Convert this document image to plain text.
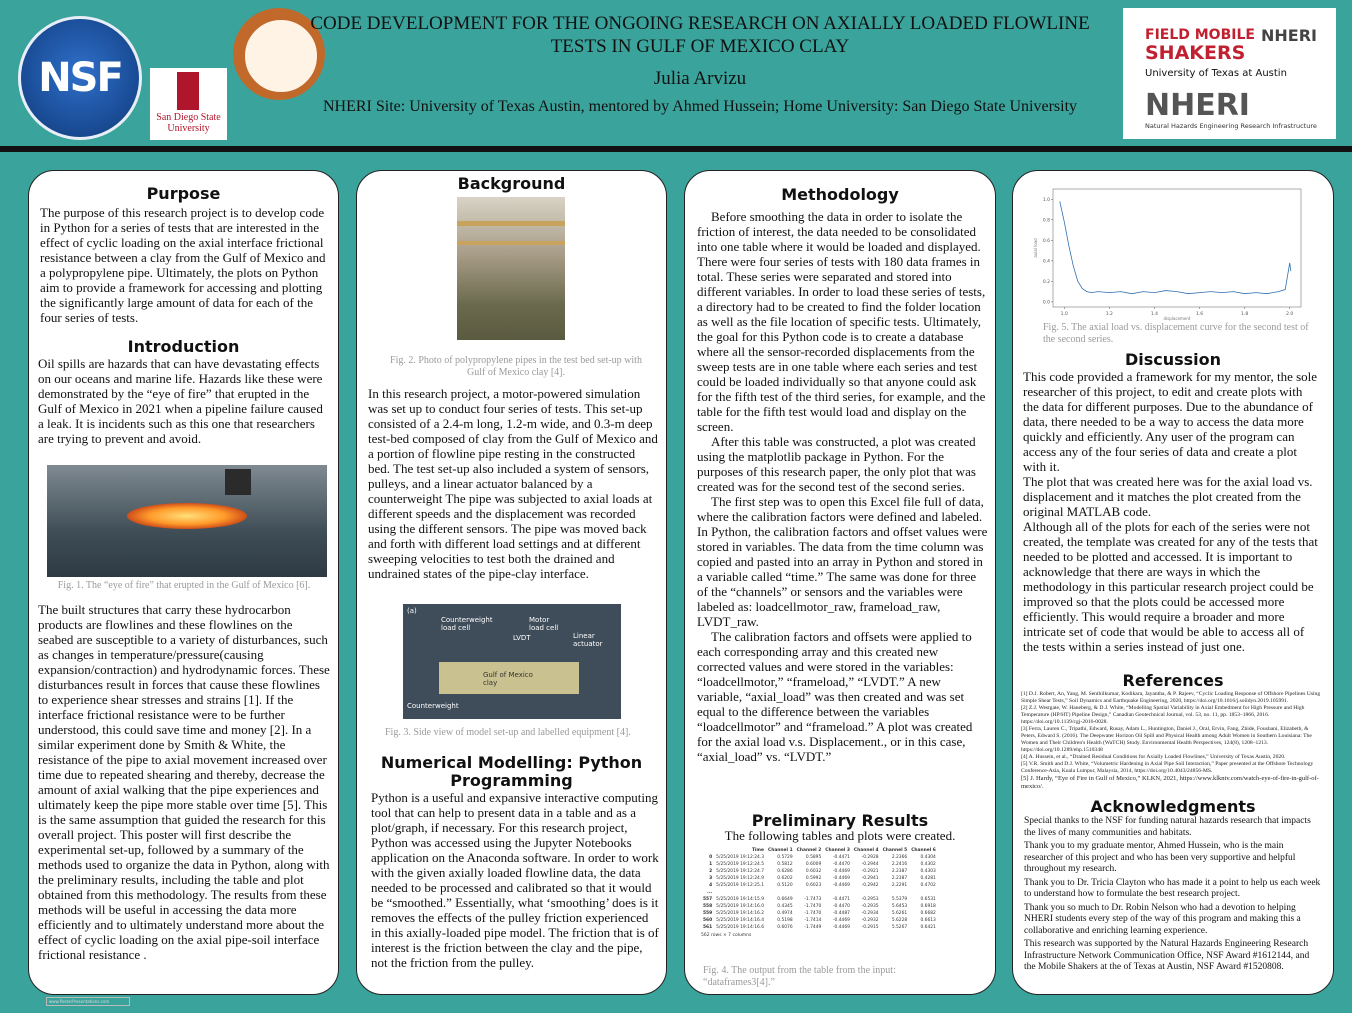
NSF
San Diego State University
CODE DEVELOPMENT FOR THE ONGOING RESEARCH ON AXIALLY LOADED FLOWLINE TESTS IN GULF OF MEXICO CLAY
Julia Arvizu
NHERI Site: University of Texas Austin, mentored by Ahmed Hussein; Home University: San Diego State University
FIELD MOBILE
SHAKERS
University of Texas at Austin
NHERI
NHERI
Natural Hazards Engineering Research Infrastructure
Purpose

The purpose of this research project is to develop code in Python for a series of tests that are interested in the effect of cyclic loading on the axial interface frictional resistance between a clay from the Gulf of Mexico and a polypropylene pipe. Ultimately, the plots on Python aim to provide a framework for accessing and plotting the significantly large amount of data for each of the four series of tests.

Introduction

Oil spills are hazards that can have devastating effects on our oceans and marine life. Hazards like these were demonstrated by the “eye of fire” that erupted in the Gulf of Mexico in 2021 when a pipeline failure caused a leak. It is incidents such as this one that researchers are trying to prevent and avoid.

Fig. 1. The “eye of fire” that erupted in the Gulf of Mexico [6].

The built structures that carry these hydrocarbon products are flowlines and these flowlines on the seabed are susceptible to a variety of disturbances, such as changes in temperature/pressure(causing expansion/contraction) and hydrodynamic forces. These disturbances result in forces that cause these flowlines to experience shear stresses and strains [1]. If the interface frictional resistance were to be further understood, this could save time and money [2]. In a similar experiment done by Smith & White, the resistance of the pipe to axial movement increased over time due to repeated shearing and thereby, decrease the amount of axial walking that the pipe experiences and ultimately keep the pipe more stable over time [5]. This is the same assumption that guided the research for this overall project. This poster will first describe the experimental set-up, followed by a summary of the methods used to organize the data in Python, along with the preliminary results, including the table and plot obtained from this methodology. The results from these methods will be useful in accessing the data more efficiently and to ultimately understand more about the effect of cyclic loading on the axial pipe-soil interface frictional resistance .

Background
Fig. 2. Photo of polypropylene pipes in the test bed set-up with Gulf of Mexico clay [4].

In this research project, a motor-powered simulation was set up to conduct four series of tests. This set-up consisted of a 2.4-m long, 1.2-m wide, and 0.3-m deep test-bed composed of clay from the Gulf of Mexico and a portion of flowline pipe resting in the constructed bed. The test set-up also included a system of sensors, pulleys, and a linear actuator balanced by a counterweight The pipe was subjected to axial loads at different speeds and the displacement was recorded using the different sensors. The pipe was moved back and forth with different load settings and at different sweeping velocities to test both the drained and undrained states of the pipe-clay interface.

(a)
Counterweight load cell
Motor load cell
LVDT	Linear actuator
Gulf of Mexico clay
Counterweight
Fig. 3. Side view of model set-up and labelled equipment [4].
Numerical Modelling: Python Programming

Python is a useful and expansive interactive computing tool that can help to present data in a table and as a plot/graph, if necessary. For this research project, Python was accessed using the Jupyter Notebooks application on the Anaconda software. In order to work with the given axially loaded flowline data, the data needed to be processed and calibrated so that it would be “smoothed.” Essentially, what ‘smoothing’ does is it removes the effects of the pulley friction experienced in this axially-loaded pipe model. The friction that is of interest is the friction between the clay and the pipe, not the friction from the pulley.

Methodology

Before smoothing the data in order to isolate the friction of interest, the data needed to be consolidated into one table where it would be loaded and displayed. There were four series of tests with 180 data frames in total. These series were separated and stored into different variables. In order to load these series of tests, a directory had to be created to find the folder location as well as the file location of specific tests. Ultimately, the goal for this Python code is to create a database where all the sensor-recorded displacements from the sweep tests are in one table where each series and test could be loaded individually so that anyone could ask for the fifth test of the third series, for example, and the table for the fifth test would load and display on the screen.

After this table was constructed, a plot was created using the matplotlib package in Python. For the purposes of this research paper, the only plot that was created was for the second test of the second series.

The first step was to open this Excel file full of data, where the calibration factors were defined and labeled. In Python, the calibration factors and offset values were stored in variables. The data from the time column was copied and pasted into an array in Python and stored in a variable called “time.” The same was done for three of the “channels” or sensors and the variables were labeled as: loadcellmotor_raw, frameload_raw, LVDT_raw.

The calibration factors and offsets were applied to each corresponding array and this created new corrected values and were stored in the variables: “loadcellmotor,” “frameload,” “LVDT.” A new variable, “axial_load” was then created and was set equal to the difference between the variables “loadcellmotor” and “frameload.” A plot was created for the axial load v.s. Displacement., or in this case, “axial_load” vs. “LVDT.”

Preliminary Results

The following tables and plots were created.

	Time	Channel 1	Channel 2	Channel 3	Channel 4	Channel 5	Channel 6
0	5/25/2019 19:12:24.3	0.5729	0.5895	-0.4471	-0.2928	2.2366	0.4304
1	5/25/2019 19:12:24.5	0.5812	0.6009	-0.4470	-0.2944	2.2416	0.4302
2	5/25/2019 19:12:24.7	0.6286	0.6032	-0.4469	-0.2921	2.2387	0.4303
3	5/25/2019 19:12:24.9	0.6202	0.5992	-0.4469	-0.2941	2.2387	0.4281
4	5/25/2019 19:12:25.1	0.5120	0.6023	-0.4469	-0.2942	2.2291	0.4702
...							
557	5/25/2019 19:14:15.9	0.6649	-1.7473	-0.4471	-0.2953	5.5379	0.6531
558	5/25/2019 19:14:16.0	0.4345	-1.7470	-0.4470	-0.2935	5.6453	0.6918
559	5/25/2019 19:14:16.2	0.4974	-1.7470	-0.4487	-0.2934	5.6261	0.6682
560	5/25/2019 19:14:16.4	0.5198	-1.7414	-0.4469	-0.2932	5.6228	0.6613
561	5/25/2019 19:14:16.6	0.6076	-1.7449	-0.4469	-0.2915	5.5267	0.6421
562 rows × 7 columns
Fig. 4. The output from the table from the input: “dataframes3[4].”
1.0	1.2	1.4	1.6	1.8	2.0
1.0
0.8
0.6
0.4
0.2
0.0
displacement
axial load
Fig. 5. The axial load vs. displacement curve for the second test of the second series.
Discussion

This code provided a framework for my mentor, the sole researcher of this project, to edit and create plots with the data for different purposes. Due to the abundance of data, there needed to be a way to access the data more quickly and efficiently. Any user of the program can access any of the four series of data and create a plot with it.

The plot that was created here was for the axial load vs. displacement and it matches the plot created from the original MATLAB code.

Although all of the plots for each of the series were not created, the template was created for any of the tests that needed to be plotted and accessed. It is important to acknowledge that there are ways in which the methodology in this particular research project could be improved so that the plots could be accessed more efficiently. This would require a broader and more intricate set of code that would be able to access all of the tests within a series instead of just one.

References

[1] D.J. Robert, An, Yang, M. Senthilkumar, Kodikara, Jayantha, & P. Rajeev, “Cyclic Loading Response of Offshore Pipelines Using Simple Shear Tests,” Soil Dynamics and Earthquake Engineering, 2020, https://doi.org/10.1016/j.soildyn.2019.105991.

[2] Z.J. Westgate, W. Haneberg, & D.J. White, “Modelling Spatial Variability in Axial Embedment for High Pressure and High Temperature (HP/HT) Pipeline Design,” Canadian Geotechnical Journal, vol. 53, no. 11, pp. 1853–1866, 2016. https://doi.org/10.1139/cgj-2016-0028.

[3] Ferra, Lauren C., Tripathi, Edward, Rusay, Adam L., Huntington, Daniel J., Oral, Ervin, Fang, Zhide, Foushani, Elizabeth, & Peters, Edward S. (2016). The Deepwater Horizon Oil Spill and Physical Health among Adult Women in Southern Louisiana: The Women and Their Children's Health (WaTCH) Study. Environmental Health Perspectives, 124(8), 1208–1213. https://doi.org/10.1289/ehp.1510348

[4] A. Hussein, et al., “Drained Residual Conditions for Axially Loaded Flowlines,” University of Texas Austin, 2020.

[5] V.R. Smith and D.J. White, “Volumetric Hardening in Axial Pipe Soil Interaction,” Paper presented at the Offshore Technology Conference-Asia, Kuala Lumpur, Malaysia, 2014, https://doi.org/10.4043/24856-MS.

[5] J. Hardy, “Eye of Fire in Gulf of Mexico,” KLKN, 2021, https://www.klkntv.com/watch-eye-of-fire-in-gulf-of-mexico/.

Acknowledgments

Special thanks to the NSF for funding natural hazards research that impacts the lives of many communities and habitats.

Thank you to my graduate mentor, Ahmed Hussein, who is the main researcher of this project and who has been very supportive and helpful throughout my research.

Thank you to Dr. Tricia Clayton who has made it a point to help us each week to understand how to formulate the best research project.

Thank you so much to Dr. Robin Nelson who had a devotion to helping NHERI students every step of the way of this program and making this a collaborative and enriching learning experience.

This research was supported by the Natural Hazards Engineering Research Infrastructure Network Communication Office, NSF Award #1612144, and the Mobile Shakers at the of Texas at Austin, NSF Award #1520808.

www.PosterPresentations.com
